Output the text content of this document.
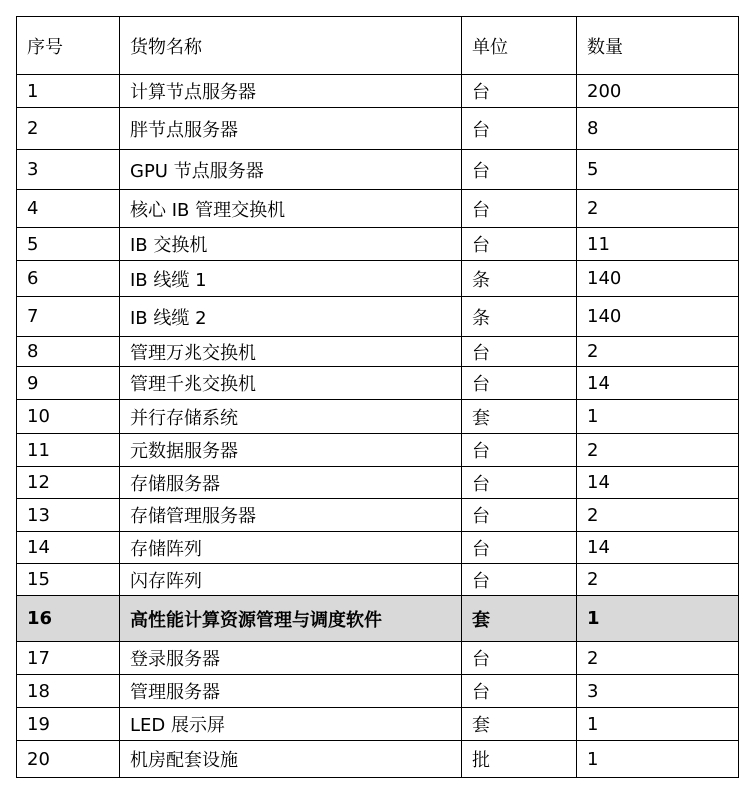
序号	货物名称	单位	数量
1	计算节点服务器	台	200
2	胖节点服务器	台	8
3	GPU 节点服务器	台	5
4	核心 IB 管理交换机	台	2
5	IB 交换机	台	11
6	IB 线缆 1	条	140
7	IB 线缆 2	条	140
8	管理万兆交换机	台	2
9	管理千兆交换机	台	14
10	并行存储系统	套	1
11	元数据服务器	台	2
12	存储服务器	台	14
13	存储管理服务器	台	2
14	存储阵列	台	14
15	闪存阵列	台	2
16	高性能计算资源管理与调度软件	套	1
17	登录服务器	台	2
18	管理服务器	台	3
19	LED 展示屏	套	1
20	机房配套设施	批	1
